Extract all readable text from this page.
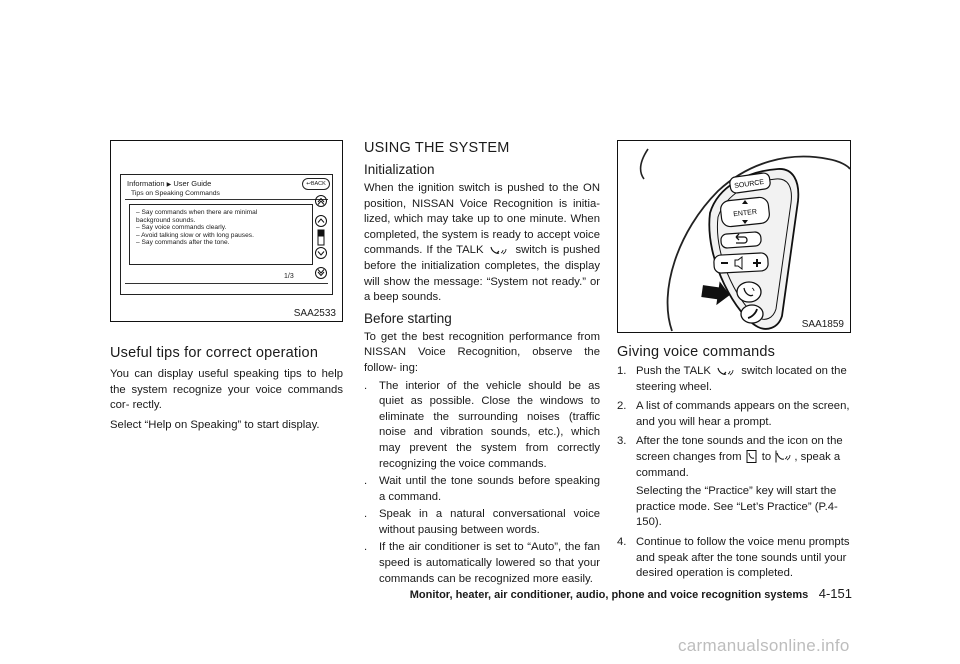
Information ▶ User Guide	↩BACK
Tips on Speaking Commands
– Say commands when there are minimal
background sounds.
– Say voice commands clearly.
– Avoid talking slow or with long pauses.
– Say commands after the tone.
1/3
SAA2533
Useful tips for correct operation

You can display useful speaking tips to help the system recognize your voice commands cor- rectly.

Select “Help on Speaking” to start display.

USING THE SYSTEM
Initialization

When the ignition switch is pushed to the ON position, NISSAN Voice Recognition is initia- lized, which may take up to one minute. When completed, the system is ready to accept voice commands. If the TALK	switch is pushed before the initialization completes, the display will show the message: “System not ready.” or a beep sounds.

Before starting

To get the best recognition performance from NISSAN Voice Recognition, observe the follow- ing:

. The interior of the vehicle should be as quiet as possible. Close the windows to eliminate the surrounding noises (traffic noise and vibration sounds, etc.), which may prevent the system from correctly recognizing the voice commands.

. Wait until the tone sounds before speaking a command.

. Speak in a natural conversational voice without pausing between words.

. If the air conditioner is set to “Auto”, the fan speed is automatically lowered so that your commands can be recognized more easily.

SOURCE
ENTER
SAA1859
Giving voice commands

1. Push the TALK	switch located on the steering wheel.

2. A list of commands appears on the screen, and you will hear a prompt.

3. After the tone sounds and the icon on the screen changes from to , speak a command.

Selecting the “Practice” key will start the practice mode. See “Let’s Practice” (P.4- 150).

4. Continue to follow the voice menu prompts and speak after the tone sounds until your desired operation is completed.

Monitor, heater, air conditioner, audio, phone and voice recognition systems 4-151
carmanualsonline.info
